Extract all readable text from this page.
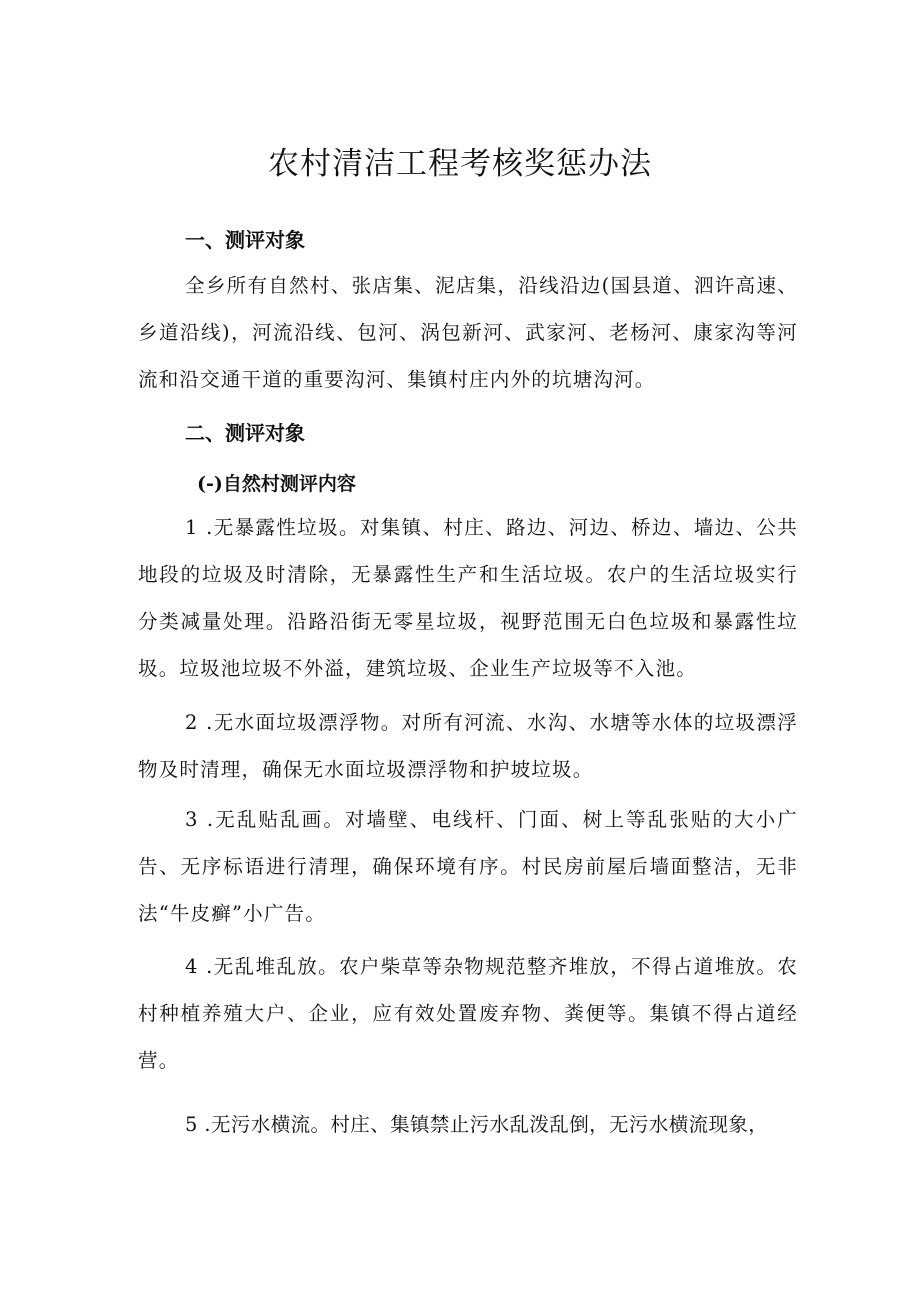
农村清洁工程考核奖惩办法
一、测评对象

全乡所有自然村、张店集、泥店集，沿线沿边(国县道、泗许高速、乡道沿线)，河流沿线、包河、涡包新河、武家河、老杨河、康家沟等河流和沿交通干道的重要沟河、集镇村庄内外的坑塘沟河。

二、测评对象
(-)自然村测评内容

1 .无暴露性垃圾。对集镇、村庄、路边、河边、桥边、墙边、公共地段的垃圾及时清除，无暴露性生产和生活垃圾。农户的生活垃圾实行分类减量处理。沿路沿街无零星垃圾，视野范围无白色垃圾和暴露性垃圾。垃圾池垃圾不外溢，建筑垃圾、企业生产垃圾等不入池。

2 .无水面垃圾漂浮物。对所有河流、水沟、水塘等水体的垃圾漂浮物及时清理，确保无水面垃圾漂浮物和护坡垃圾。

3 .无乱贴乱画。对墙壁、电线杆、门面、树上等乱张贴的大小广告、无序标语进行清理，确保环境有序。村民房前屋后墙面整洁，无非法“牛皮癣”小广告。

4 .无乱堆乱放。农户柴草等杂物规范整齐堆放，不得占道堆放。农村种植养殖大户、企业，应有效处置废弃物、粪便等。集镇不得占道经营。

5 .无污水横流。村庄、集镇禁止污水乱泼乱倒，无污水横流现象，
